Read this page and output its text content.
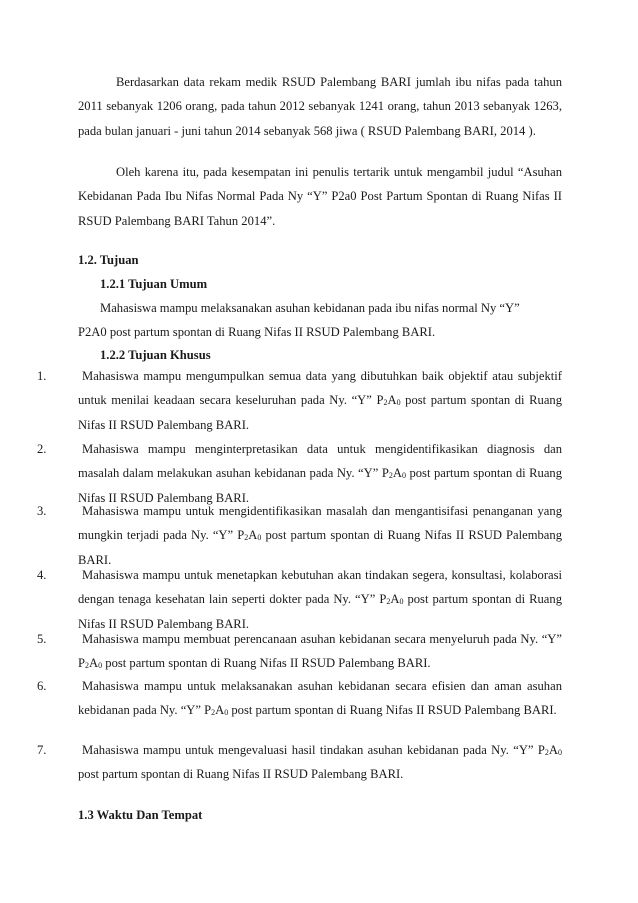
Berdasarkan data rekam medik RSUD Palembang BARI jumlah ibu nifas pada tahun 2011 sebanyak 1206 orang, pada tahun 2012 sebanyak 1241 orang, tahun 2013 sebanyak 1263, pada bulan januari - juni tahun 2014 sebanyak 568 jiwa ( RSUD Palembang BARI, 2014 ).

Oleh karena itu, pada kesempatan ini penulis tertarik untuk mengambil judul “Asuhan Kebidanan Pada Ibu Nifas Normal Pada Ny “Y” P2a0 Post Partum Spontan di Ruang Nifas II RSUD Palembang BARI Tahun 2014”.

1.2. Tujuan

1.2.1 Tujuan Umum

Mahasiswa mampu melaksanakan asuhan kebidanan pada ibu nifas normal Ny “Y”

P2A0 post partum spontan di Ruang Nifas II RSUD Palembang BARI.

1.2.2 Tujuan Khusus

1.	Mahasiswa mampu mengumpulkan semua data yang dibutuhkan baik objektif atau subjektif untuk menilai keadaan secara keseluruhan pada Ny. “Y” $P_2A_0$ post partum spontan di Ruang Nifas II RSUD Palembang BARI.

2.	Mahasiswa mampu menginterpretasikan data untuk mengidentifikasikan diagnosis dan masalah dalam melakukan asuhan kebidanan pada Ny. “Y” $P_2A_0$ post partum spontan di Ruang Nifas II RSUD Palembang BARI.

3.	Mahasiswa mampu untuk mengidentifikasikan masalah dan mengantisifasi penanganan yang mungkin terjadi pada Ny. “Y” $P_2A_0$ post partum spontan di Ruang Nifas II RSUD Palembang BARI.

4.	Mahasiswa mampu untuk menetapkan kebutuhan akan tindakan segera, konsultasi, kolaborasi dengan tenaga kesehatan lain seperti dokter pada Ny. “Y” $P_2A_0$ post partum spontan di Ruang Nifas II RSUD Palembang BARI.

5.	Mahasiswa mampu membuat perencanaan asuhan kebidanan secara menyeluruh pada Ny. “Y” $P_2A_0$ post partum spontan di Ruang Nifas II RSUD Palembang BARI.

6.	Mahasiswa mampu untuk melaksanakan asuhan kebidanan secara efisien dan aman asuhan kebidanan pada Ny. “Y” $P_2A_0$ post partum spontan di Ruang Nifas II RSUD Palembang BARI.

7.	Mahasiswa mampu untuk mengevaluasi hasil tindakan asuhan kebidanan pada Ny. “Y” $P_2A_0$ post partum spontan di Ruang Nifas II RSUD Palembang BARI.

1.3 Waktu Dan Tempat
